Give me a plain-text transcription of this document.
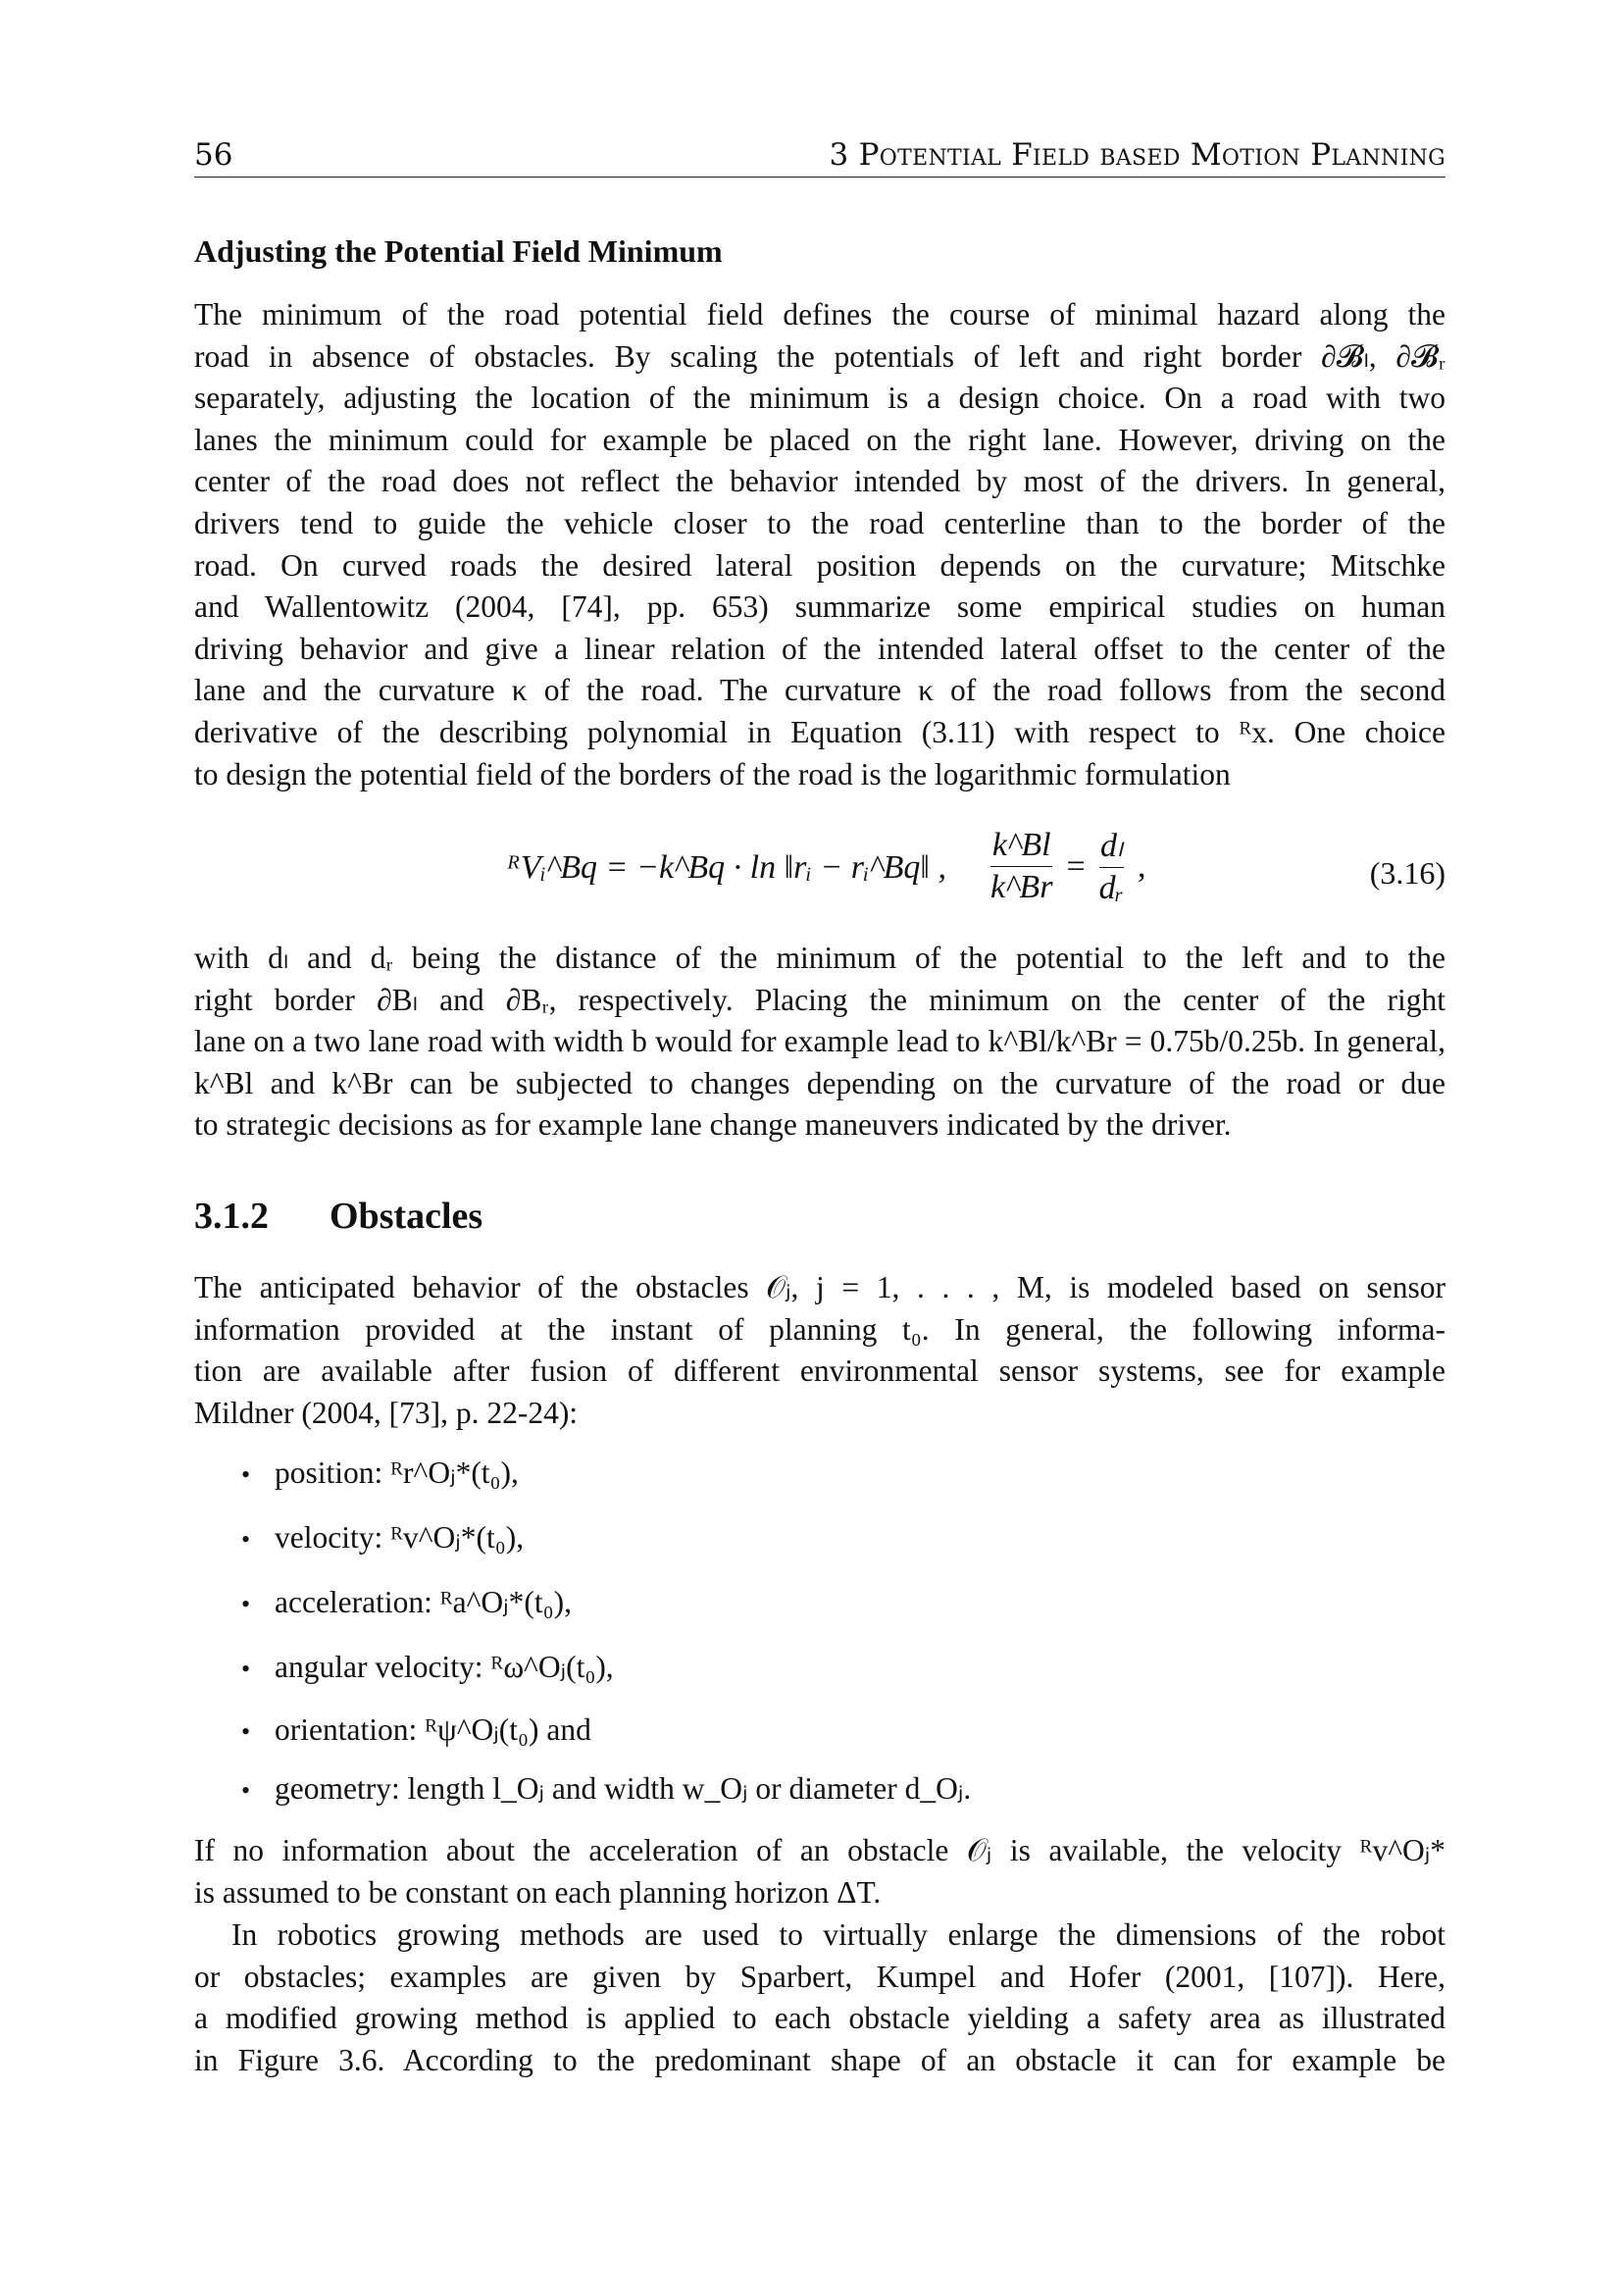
56	3 Potential Field based Motion Planning
Adjusting the Potential Field Minimum
The minimum of the road potential field defines the course of minimal hazard along the
road in absence of obstacles. By scaling the potentials of left and right border ∂𝓑ₗ, ∂𝓑ᵣ
separately, adjusting the location of the minimum is a design choice. On a road with two
lanes the minimum could for example be placed on the right lane. However, driving on the
center of the road does not reflect the behavior intended by most of the drivers. In general,
drivers tend to guide the vehicle closer to the road centerline than to the border of the
road. On curved roads the desired lateral position depends on the curvature; Mitschke
and Wallentowitz (2004, [74], pp. 653) summarize some empirical studies on human
driving behavior and give a linear relation of the intended lateral offset to the center of the
lane and the curvature κ of the road. The curvature κ of the road follows from the second
derivative of the describing polynomial in Equation (3.11) with respect to ᴿx. One choice
to design the potential field of the borders of the road is the logarithmic formulation
ᴿVᵢ^Bq = −k^Bq · ln ‖rᵢ − rᵢ^Bq‖ , $\frac{k\^{}Bl}{k\^{}Br} = \frac{\text{dₗ}}{\text{dᵣ}}$ ,	(3.16)
with dₗ and dᵣ being the distance of the minimum of the potential to the left and to the
right border ∂Bₗ and ∂Bᵣ, respectively. Placing the minimum on the center of the right
lane on a two lane road with width b would for example lead to k^Bl/k^Br = 0.75b/0.25b. In general,
k^Bl and k^Br can be subjected to changes depending on the curvature of the road or due
to strategic decisions as for example lane change maneuvers indicated by the driver.
3.1.2 Obstacles
The anticipated behavior of the obstacles 𝒪ⱼ, j = 1, . . . , M, is modeled based on sensor
information provided at the instant of planning t₀. In general, the following informa-
tion are available after fusion of different environmental sensor systems, see for example
Mildner (2004, [73], p. 22-24):
• position: ᴿr^Oⱼ*(t₀),
• velocity: ᴿv^Oⱼ*(t₀),
• acceleration: ᴿa^Oⱼ*(t₀),
• angular velocity: ᴿω^Oⱼ(t₀),
• orientation: ᴿψ^Oⱼ(t₀) and
• geometry: length l_Oⱼ and width w_Oⱼ or diameter d_Oⱼ.
If no information about the acceleration of an obstacle 𝒪ⱼ is available, the velocity ᴿv^Oⱼ*
is assumed to be constant on each planning horizon ΔT.
In robotics growing methods are used to virtually enlarge the dimensions of the robot
or obstacles; examples are given by Sparbert, Kumpel and Hofer (2001, [107]). Here,
a modified growing method is applied to each obstacle yielding a safety area as illustrated
in Figure 3.6. According to the predominant shape of an obstacle it can for example be
